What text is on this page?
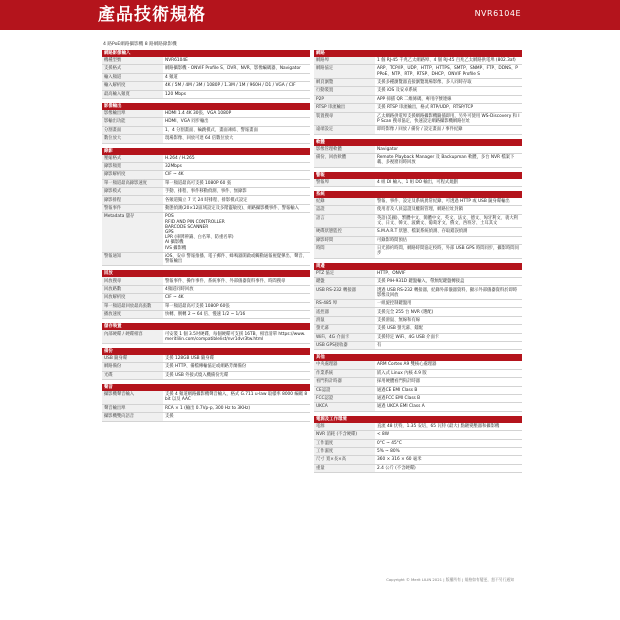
產品技術規格	NVR6104E
4 路PoE網路攝影機 8 路網路錄影機
網路影像輸入
機種型號	NVR6104E
支援格式	網路攝影機 - ONVIF Profile S、DVR、NVR、影像編碼器、Navigator
輸入頻道	4 頻道
輸入解析度	4K / 5M / 4M / 3M / 1080P / 1.3M / 1M / 960H / D1 / VGA / CIF
最高輸入頻寬	120 Mbps
影像輸出
影像輸出埠	HDMI 1.4 4K 30張、VGA 1080P
影輸出功能	HDMI、VGA 同步輸出
分割畫面	1、4 分割畫面、輪跳模式、畫面凍結、警報畫面
數位放大	現場影像、回放可達 64 倍數位放大
錄影
壓縮格式	H.264 / H.265
錄影頻寬	32Mbps
錄影解析度	CIF ~ 4K
單一頻道最高錄影速度	單一頻道最高可支援 1080P 60 張
錄影模式	手動、排程、事件移動偵測、事件、無錄影
錄影排程	各頻道獨立 7 天 24 時排程、排影模式設定
警報事件	動態偵測(20×12區域設定及多階靈敏度)、網路攝影機事件、警報輸入
Metadata 儲存	POS
RFID AND PIN CONTROLLER
BARCODE SCANNER
GPS
LPR (車牌辨識、白名單、防重名單)
AI 攝影機
IVS 攝影機
警報通知	iOS、安卓 警報推播、電子郵件、蜂鳴器開啟或觸動通報視覺彈出、聲音、警報輸出
回放
回放搜尋	警報事件、操作事件、系統事件、外部儀器資料事件、時間搜尋
回放路數	4頻道同時回放
回放解析度	CIF ~ 4K
單一頻道最回放最高張數	單一頻道最高可支援 1080P 60張
播放速度	快轉、倒轉 2 ~ 64 倍、慢速 1/2 ~ 1/16
儲存裝置
內部硬碟 / 硬碟相容	可安裝 1 個 3.5吋硬碟、每個硬碟可支援 16TB，相容清單 https://www.meritlilin.com/compatiblelist/nvr1dvr3tw.html
備份
USB 隨身碟	支援 128GB USB 隨身碟
網路備份	支援 HTTP、備檔傳輸協定或網路芳蘭備份
光碟	支援 USB 外接式燒入機備份光碟
聲音
攝影機聲音輸入	支援 4 頻道網路攝影機聲音輸入，格式 G.711 u-law 取樣率 8000 編碼 8bit 以及 AAC
聲音輸出埠	RCA × 1 (輸出 0.7Vp-p, 300 Hz to 3KHz)
攝影機雙向語音	支援
網路
網路埠	1 個 RJ-45 千兆乙太網路埠、4 個 RJ-45 百兆乙太網路供電埠 (802.3af)
網路協定	ARP、TCP/IP、UDP、HTTP、HTTPS、SMTP、SNMP、FTP、DDNS、PPPoE、NTP、RTP、RTSP、DHCP、ONVIF Profile S
網頁瀏覽	支援多種瀏覽器直接瀏覽現場影像、多人同時存取
行動裝置	支援 iOS 及安卓系統
P2P	APP 掃描 QR 二維條碼，專用序號連線
RTSP 串流輸出	支援 RTSP 串流輸出，格式 RTP/UDP、RTSP/TCP
裝置搜尋	乙太網路供電埠支援網路攝影機隨插即用，另外可使用 WS-Discovery 和 IP Scan 搜尋協定，快速設定網路攝影機網路位址
遠端設定	即時影像 / 回放 / 備份 / 設定畫面 / 事件紀錄
軟體
影像管理軟體	Navigator
備份、回放軟體	Remote Playback Manager 及 Backupman 軟體，多台 NVR 檔案下載、多視窗同時回放
警報
警報埠	4 組 DI 輸入、1 組 DO 輸出，可程式規劃
系統
紀錄	警報、事件、設定及系統異常紀錄，可透過 HTTP 或 USB 隨身碟輸出
認證	使用者及人員認證及權限管理，網路位址封鎖
語言	英語(美國)、繁體中文、簡體中文、英文、法文、德文、匈牙利文、義大利文、日文、韓文、波蘭文、葡萄牙文、俄文、西班牙、土耳其文
硬碟狀態監控	S.M.A.R.T 狀態、檔案系統偵測、存取錯誤偵測
錄影時間	可錄影時間預估
時間	日光節約時間、網路時間協定校時，外部 USB GPS 時間同步，攝影時間同步
周邊
PTZ 協定	HTTP、ONVIF
鍵盤	支援 PIH-931D 鍵盤輸入，帶無配鍵盤轉接盒
USB RS-232 轉接器	透過 USB RS-232 轉接器，紀錄外部儀器資料，顯示外部儀器資料於即時影像及回放
RS-485 埠	一組旋控制鍵盤用
遙控器	支援完全 255 台 NVR (選配)
滑鼠	支援滑鼠、無線和有線
螢光幕	支援 USB 螢光幕、鐳配
WiFi、4G 介面卡	支援特定 WiFi、4G USB 介面卡
USB GPS接收器	有
其他
中央處理器	ARM Cortex A9 雙核心處理器
作業系統	嵌入式 Linux 內核 4.9 版
看門狗計時器	採用硬體看門狗計時器
CE認證	通過CE EMI Class B
FCC認證	通過FCC EMI Class B
UKCA	通過 UKCA EMI Class A
電源及工作環境
電源	直流 48 伏特，1.35 安培，65 瓦特 (最大) 點鏈變壓器和攝影機
NVR 消耗 (不含硬碟)	< 8W
工作溫度	0°C ~ 45°C
工作濕度	5% ~ 80%
尺寸 寬×長×高	360 × 316 × 60 毫米
重量	2.4 公斤 (不含硬碟)
Copyright © Merit LILIN 2021 | 版權所有 | 規格如有變更，恕不另行通知
